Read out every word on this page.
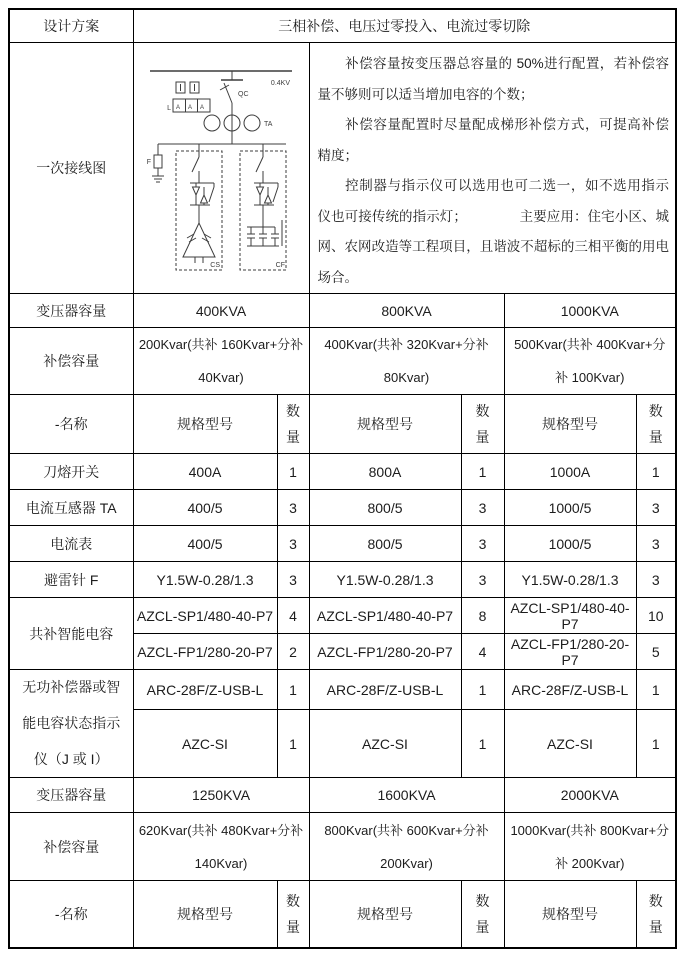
设计方案	三相补偿、电压过零投入、电流过零切除					
一次接线图	
0.4KV
QC
TA
F
L A A A
CS	CF

补偿容量按变压器总容量的 50%进行配置，若补偿容量不够则可以适当增加电容的个数；

补偿容量配置时尽量配成梯形补偿方式，可提高补偿精度；

控制器与指示仪可以选用也可二选一，如不选用指示仪也可接传统的指示灯；	主要应用：住宅小区、城网、农网改造等工程项目，且谐波不超标的三相平衡的用电场合。

变压器容量	400KVA		800KVA		1000KVA	
补偿容量	200Kvar(共补 160Kvar+分补 40Kvar)		400Kvar(共补 320Kvar+分补 80Kvar)		500Kvar(共补 400Kvar+分补 100Kvar)	
-名称	规格型号	数量	规格型号	数量	规格型号	数量
刀熔开关	400A	1	800A	1	1000A	1
电流互感器 TA	400/5	3	800/5	3	1000/5	3
电流表	400/5	3	800/5	3	1000/5	3
避雷针 F	Y1.5W-0.28/1.3	3	Y1.5W-0.28/1.3	3	Y1.5W-0.28/1.3	3
共补智能电容	AZCL-SP1/480-40-P7	4	AZCL-SP1/480-40-P7	8	AZCL-SP1/480-40-P7	10
	AZCL-FP1/280-20-P7	2	AZCL-FP1/280-20-P7	4	AZCL-FP1/280-20-P7	5
无功补偿器或智能电容状态指示仪（J 或 I）	ARC-28F/Z-USB-L	1	ARC-28F/Z-USB-L	1	ARC-28F/Z-USB-L	1
	AZC-SI	1	AZC-SI	1	AZC-SI	1
变压器容量	1250KVA		1600KVA		2000KVA	
补偿容量	620Kvar(共补 480Kvar+分补 140Kvar)		800Kvar(共补 600Kvar+分补 200Kvar)		1000Kvar(共补 800Kvar+分补 200Kvar)	
-名称	规格型号	数量	规格型号	数量	规格型号	数量
